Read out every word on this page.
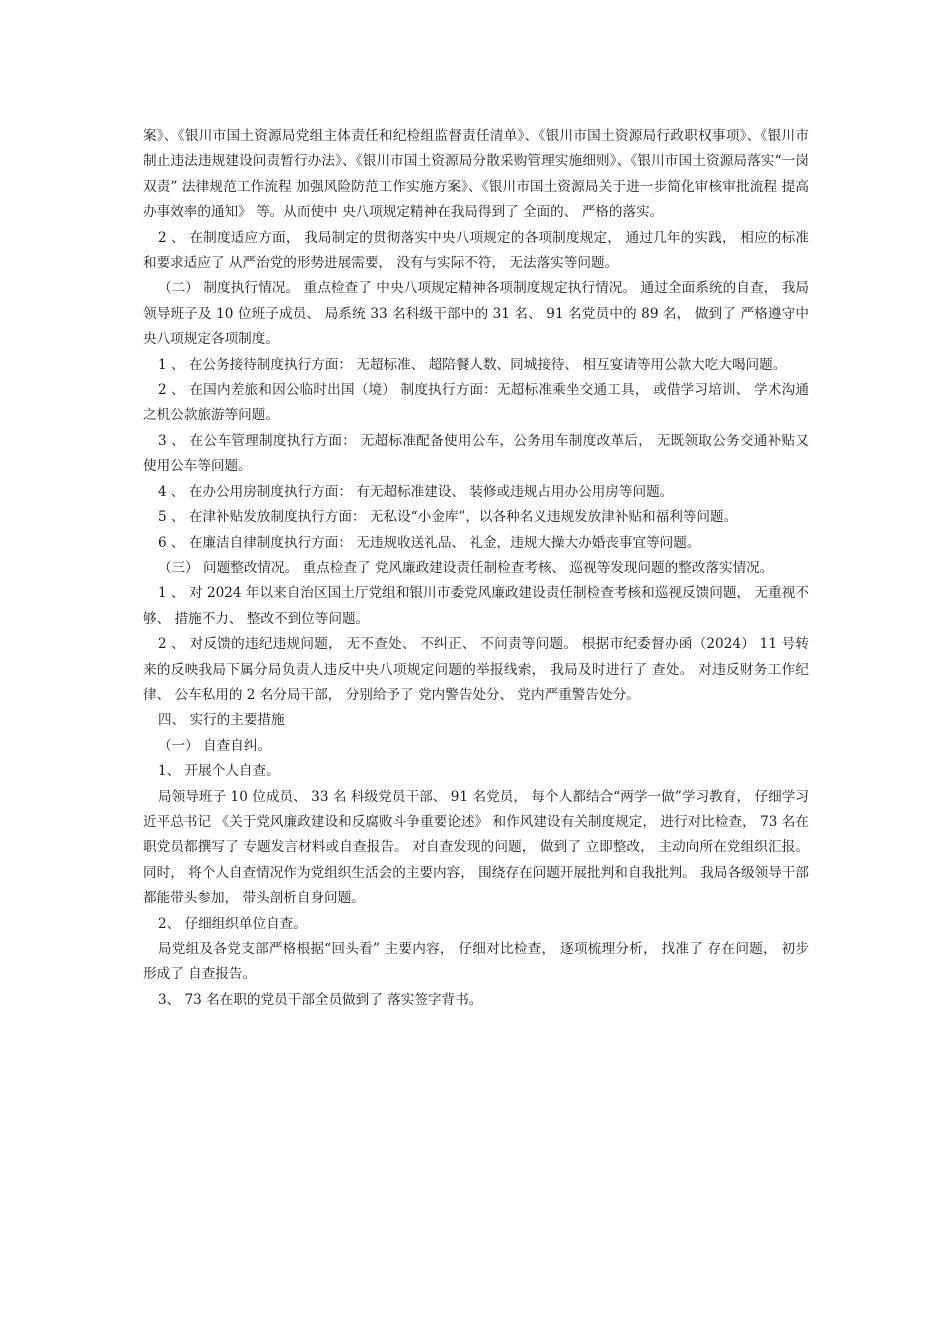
案》、《银川市国土资源局党组主体责任和纪检组监督责任清单》、《银川市国土资源局行政职权事项》、《银川市制止违法违规建设问责暂行办法》、《银川市国土资源局分散采购管理实施细则》、《银川市国土资源局落实“一岗双责” 法律规范工作流程 加强风险防范工作实施方案》、《银川市国土资源局关于进一步简化审核审批流程 提高办事效率的通知》 等。从而使中 央八项规定精神在我局得到了 全面的、 严格的落实。

2 、 在制度适应方面， 我局制定的贯彻落实中央八项规定的各项制度规定， 通过几年的实践， 相应的标准和要求适应了 从严治党的形势进展需要， 没有与实际不符， 无法落实等问题。

（二） 制度执行情况。 重点检查了 中央八项规定精神各项制度规定执行情况。 通过全面系统的自查， 我局领导班子及 10 位班子成员、 局系统 33 名科级干部中的 31 名、 91 名党员中的 89 名， 做到了 严格遵守中央八项规定各项制度。

1 、 在公务接待制度执行方面： 无超标准、 超陪餐人数、同城接待、 相互宴请等用公款大吃大喝问题。

2 、 在国内差旅和因公临时出国（境） 制度执行方面：无超标准乘坐交通工具， 或借学习培训、 学术沟通之机公款旅游等问题。

3 、 在公车管理制度执行方面： 无超标准配备使用公车，公务用车制度改革后， 无既领取公务交通补贴又使用公车等问题。

4 、 在办公用房制度执行方面： 有无超标准建设、 装修或违规占用办公用房等问题。

5 、 在津补贴发放制度执行方面： 无私设“小金库”，以各种名义违规发放津补贴和福利等问题。

6 、 在廉洁自律制度执行方面： 无违规收送礼品、 礼金，违规大操大办婚丧事宜等问题。

（三） 问题整改情况。 重点检查了 党风廉政建设责任制检查考核、 巡视等发现问题的整改落实情况。

1 、 对 2024 年以来自治区国土厅党组和银川市委党风廉政建设责任制检查考核和巡视反馈问题， 无重视不够、 措施不力、 整改不到位等问题。

2 、 对反馈的违纪违规问题， 无不查处、 不纠正、 不问责等问题。 根据市纪委督办函（2024） 11 号转来的反映我局下属分局负责人违反中央八项规定问题的举报线索， 我局及时进行了 查处。 对违反财务工作纪律、 公车私用的 2 名分局干部， 分别给予了 党内警告处分、 党内严重警告处分。

四、 实行的主要措施

（一） 自查自纠。

1、 开展个人自查。

局领导班子 10 位成员、 33 名 科级党员干部、 91 名党员， 每个人都结合“两学一做”学习教育， 仔细学习近平总书记 《关于党风廉政建设和反腐败斗争重要论述》 和作风建设有关制度规定， 进行对比检查， 73 名在职党员都撰写了 专题发言材料或自查报告。 对自查发现的问题， 做到了 立即整改， 主动向所在党组织汇报。 同时， 将个人自查情况作为党组织生活会的主要内容， 围绕存在问题开展批判和自我批判。 我局各级领导干部都能带头参加， 带头剖析自身问题。

2、 仔细组织单位自查。

局党组及各党支部严格根据“回头看” 主要内容， 仔细对比检查， 逐项梳理分析， 找准了 存在问题， 初步形成了 自查报告。

3、 73 名在职的党员干部全员做到了 落实签字背书。
